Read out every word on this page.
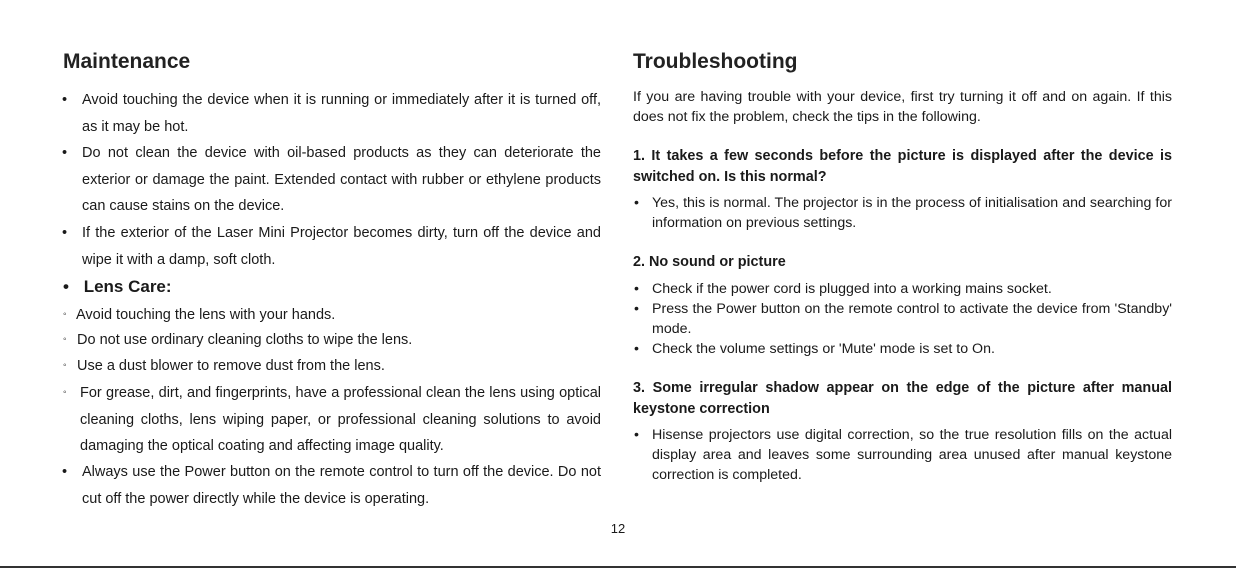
Maintenance
•	Avoid touching the device when it is running or immediately after it is turned off, as it may be hot.
•	Do not clean the device with oil-based products as they can deteriorate the exterior or damage the paint. Extended contact with rubber or ethylene products can cause stains on the device.
•	If the exterior of the Laser Mini Projector becomes dirty, turn off the device and wipe it with a damp, soft cloth.
• Lens Care:
◦ Avoid touching the lens with your hands.
◦ Do not use ordinary cleaning cloths to wipe the lens.
◦ Use a dust blower to remove dust from the lens.
◦ For grease, dirt, and fingerprints, have a professional clean the lens using optical cleaning cloths, lens wiping paper, or professional cleaning solutions to avoid damaging the optical coating and affecting image quality.
•	Always use the Power button on the remote control to turn off the device. Do not cut off the power directly while the device is operating.
Troubleshooting
If you are having trouble with your device, first try turning it off and on again. If this does not fix the problem, check the tips in the following.
1. It takes a few seconds before the picture is displayed after the device is switched on. Is this normal?
• Yes, this is normal. The projector is in the process of initialisation and searching for information on previous settings.
2. No sound or picture
• Check if the power cord is plugged into a working mains socket.
• Press the Power button on the remote control to activate the device from 'Standby' mode.
• Check the volume settings or 'Mute' mode is set to On.
3. Some irregular shadow appear on the edge of the picture after manual keystone correction
• Hisense projectors use digital correction, so the true resolution fills on the actual display area and leaves some surrounding area unused after manual keystone correction is completed.
12
